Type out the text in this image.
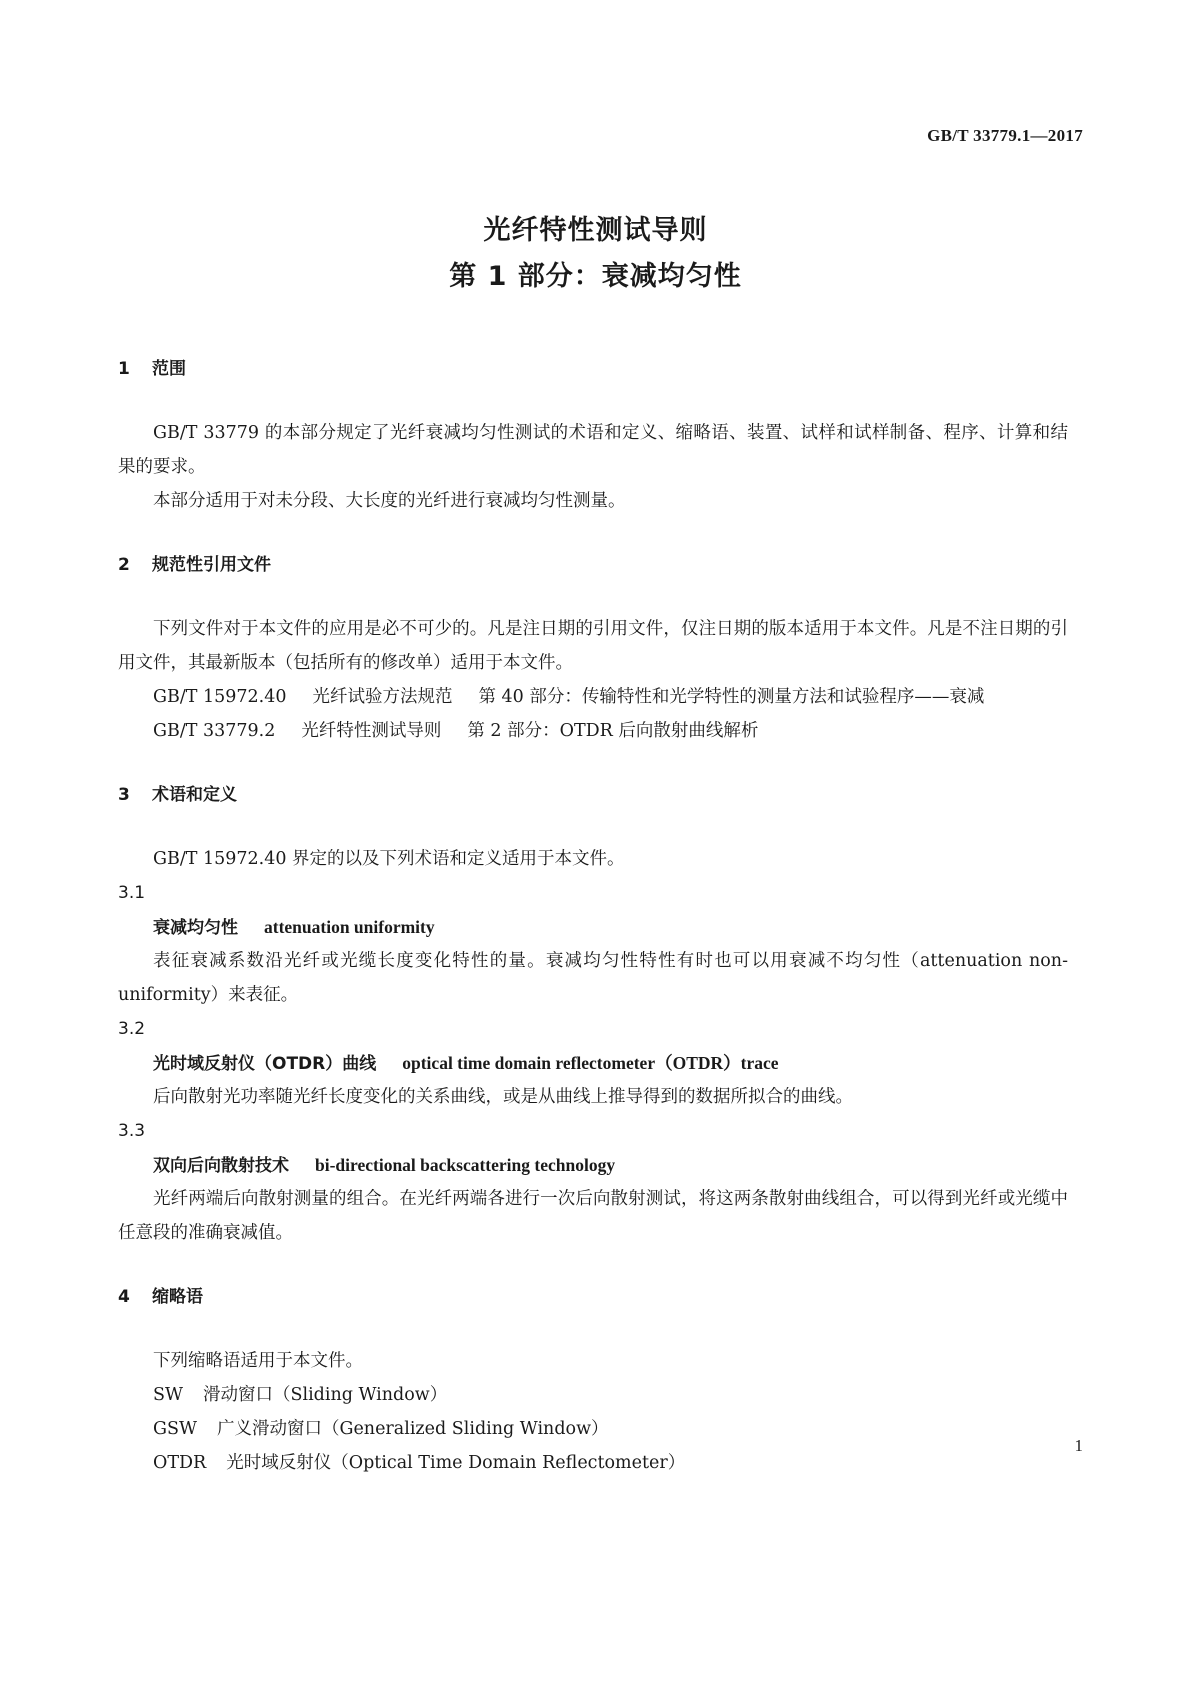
GB/T 33779.1—2017
光纤特性测试导则
第 1 部分：衰减均匀性
1 范围

GB/T 33779 的本部分规定了光纤衰减均匀性测试的术语和定义、缩略语、装置、试样和试样制备、程序、计算和结果的要求。

本部分适用于对未分段、大长度的光纤进行衰减均匀性测量。

2 规范性引用文件

下列文件对于本文件的应用是必不可少的。凡是注日期的引用文件，仅注日期的版本适用于本文件。凡是不注日期的引用文件，其最新版本（包括所有的修改单）适用于本文件。

GB/T 15972.40 光纤试验方法规范 第 40 部分：传输特性和光学特性的测量方法和试验程序——衰减

GB/T 33779.2 光纤特性测试导则 第 2 部分：OTDR 后向散射曲线解析

3 术语和定义

GB/T 15972.40 界定的以及下列术语和定义适用于本文件。

3.1
衰减均匀性 attenuation uniformity

表征衰减系数沿光纤或光缆长度变化特性的量。衰减均匀性特性有时也可以用衰减不均匀性（attenuation non-uniformity）来表征。

3.2
光时域反射仪（OTDR）曲线 optical time domain reflectometer（OTDR）trace

后向散射光功率随光纤长度变化的关系曲线，或是从曲线上推导得到的数据所拟合的曲线。

3.3
双向后向散射技术 bi-directional backscattering technology

光纤两端后向散射测量的组合。在光纤两端各进行一次后向散射测试，将这两条散射曲线组合，可以得到光纤或光缆中任意段的准确衰减值。

4 缩略语

下列缩略语适用于本文件。

SW 滑动窗口（Sliding Window）
GSW 广义滑动窗口（Generalized Sliding Window）
OTDR 光时域反射仪（Optical Time Domain Reflectometer）
1
